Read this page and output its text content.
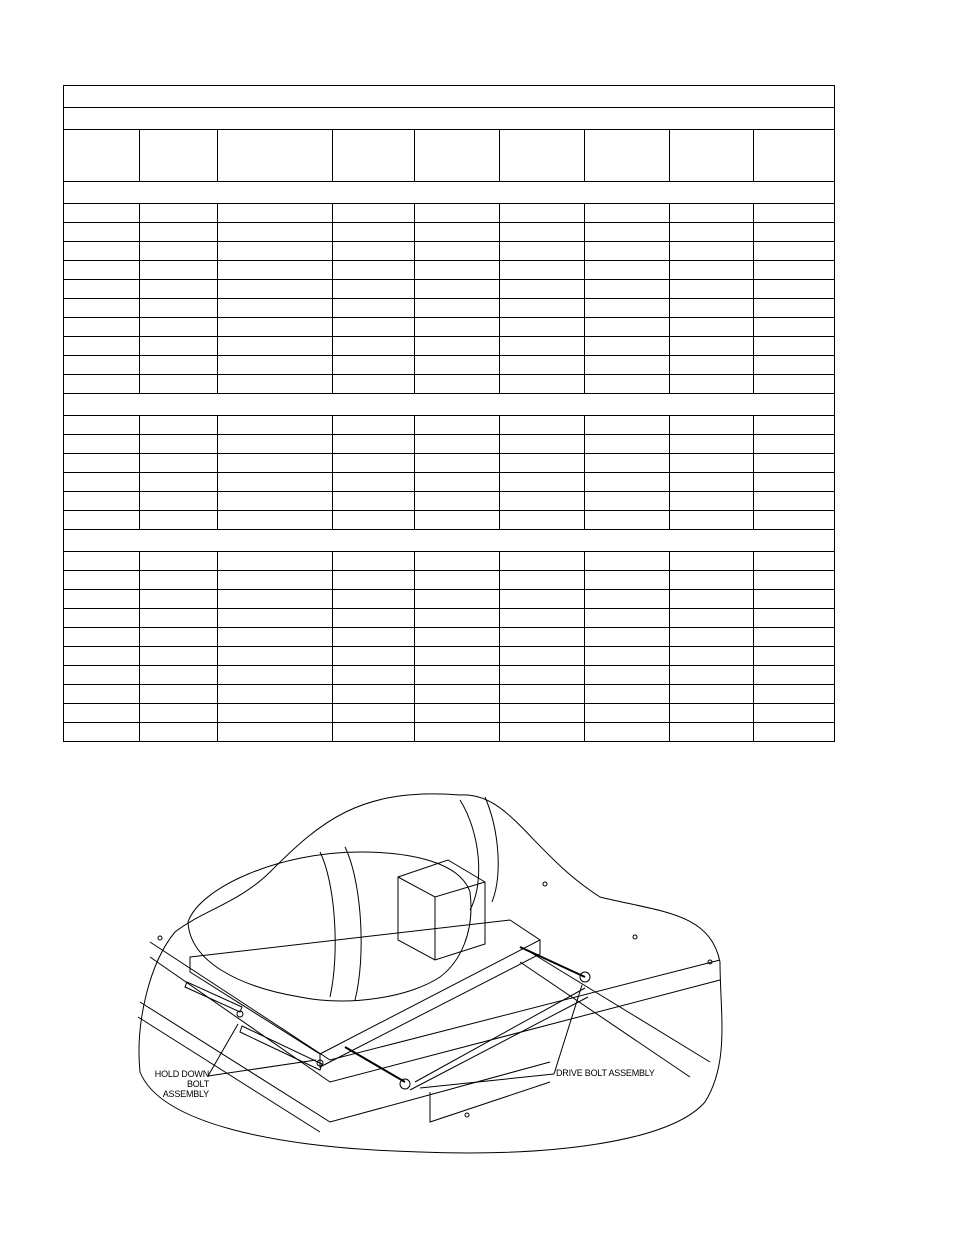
HOLD DOWN
BOLT ASSEMBLY
DRIVE BOLT ASSEMBLY
